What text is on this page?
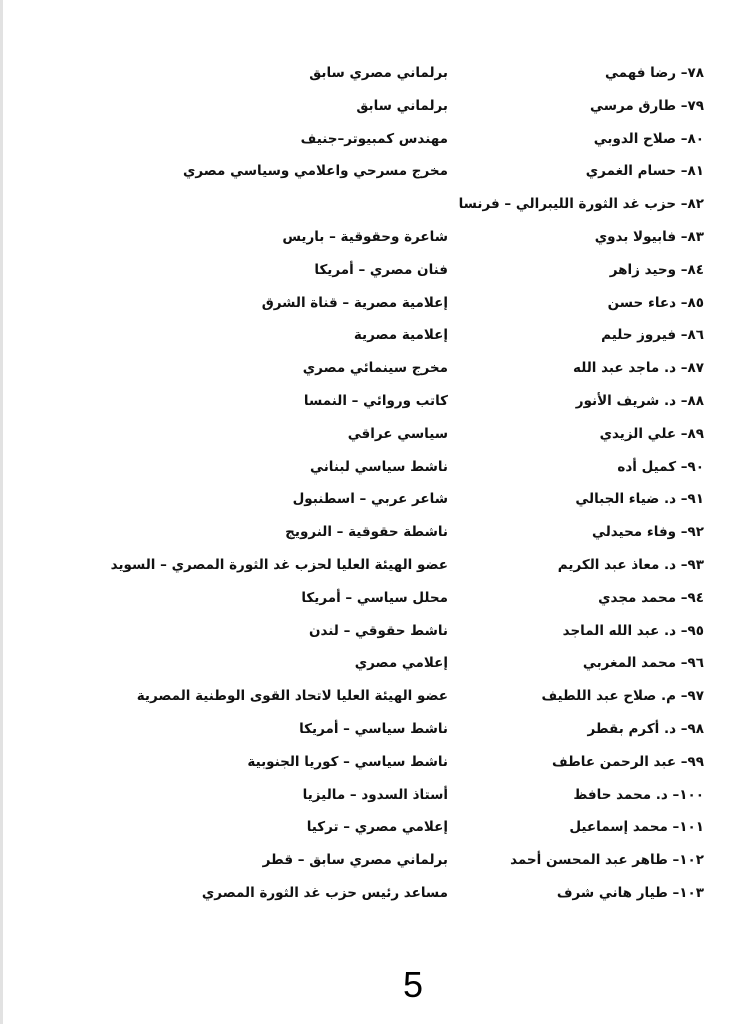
٧٨– رضا فهمي
برلماني مصري سابق
٧٩– طارق مرسي
برلماني سابق
٨٠– صلاح الدوبي
مهندس كمبيوتر–جنيف
٨١– حسام الغمري
مخرج مسرحي واعلامي وسياسي مصري
٨٢– حزب غد الثورة الليبرالي – فرنسا
٨٣– فابيولا بدوي
شاعرة وحقوقية – باريس
٨٤– وحيد زاهر
فنان مصري – أمريكا
٨٥– دعاء حسن
إعلامية مصرية – قناة الشرق
٨٦– فيروز حليم
إعلامية مصرية
٨٧– د. ماجد عبد الله
مخرج سينمائي مصري
٨٨– د. شريف الأنور
كاتب وروائي – النمسا
٨٩– علي الزيدي
سياسي عراقي
٩٠– كميل أده
ناشط سياسي لبناني
٩١– د. ضياء الجبالي
شاعر عربي – اسطنبول
٩٢– وفاء محيدلي
ناشطة حقوقية – النرويج
٩٣– د. معاذ عبد الكريم
عضو الهيئة العليا لحزب غد الثورة المصري – السويد
٩٤– محمد مجدي
محلل سياسي – أمريكا
٩٥– د. عبد الله الماجد
ناشط حقوقي – لندن
٩٦– محمد المغربي
إعلامي مصري
٩٧– م. صلاح عبد اللطيف
عضو الهيئة العليا لاتحاد القوى الوطنية المصرية
٩٨– د. أكرم بقطر
ناشط سياسي – أمريكا
٩٩– عبد الرحمن عاطف
ناشط سياسي – كوريا الجنوبية
١٠٠– د. محمد حافظ
أستاذ السدود – ماليزيا
١٠١– محمد إسماعيل
إعلامي مصري – تركيا
١٠٢– طاهر عبد المحسن أحمد
برلماني مصري سابق – قطر
١٠٣– طيار هاني شرف
مساعد رئيس حزب غد الثورة المصري
5
